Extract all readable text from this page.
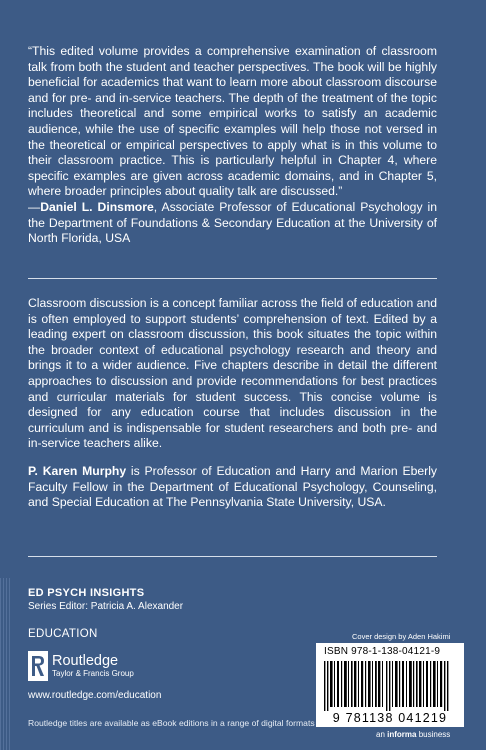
“This edited volume provides a comprehensive examination of classroom talk from both the student and teacher perspectives. The book will be highly beneficial for academics that want to learn more about classroom discourse and for pre- and in-service teachers. The depth of the treatment of the topic includes theoretical and some empirical works to satisfy an academic audience, while the use of specific examples will help those not versed in the theoretical or empirical perspectives to apply what is in this volume to their classroom practice. This is particularly helpful in Chapter 4, where specific examples are given across academic domains, and in Chapter 5, where broader principles about quality talk are discussed.”

—Daniel L. Dinsmore, Associate Professor of Educational Psychology in the Department of Foundations & Secondary Education at the University of North Florida, USA

Classroom discussion is a concept familiar across the field of education and is often employed to support students’ comprehension of text. Edited by a leading expert on classroom discussion, this book situates the topic within the broader context of educational psychology research and theory and brings it to a wider audience. Five chapters describe in detail the different approaches to discussion and provide recommendations for best practices and curricular materials for student success. This concise volume is designed for any education course that includes discussion in the curriculum and is indispensable for student researchers and both pre- and in-service teachers alike.

P. Karen Murphy is Professor of Education and Harry and Marion Eberly Faculty Fellow in the Department of Educational Psychology, Counseling, and Special Education at The Pennsylvania State University, USA.

ED PSYCH INSIGHTS
Series Editor: Patricia A. Alexander
EDUCATION
Routledge
Taylor & Francis Group
www.routledge.com/education
Routledge titles are available as eBook editions in a range of digital formats
Cover design by Aden Hakimi
ISBN 978-1-138-04121-9
9 781138 041219
an informa business
